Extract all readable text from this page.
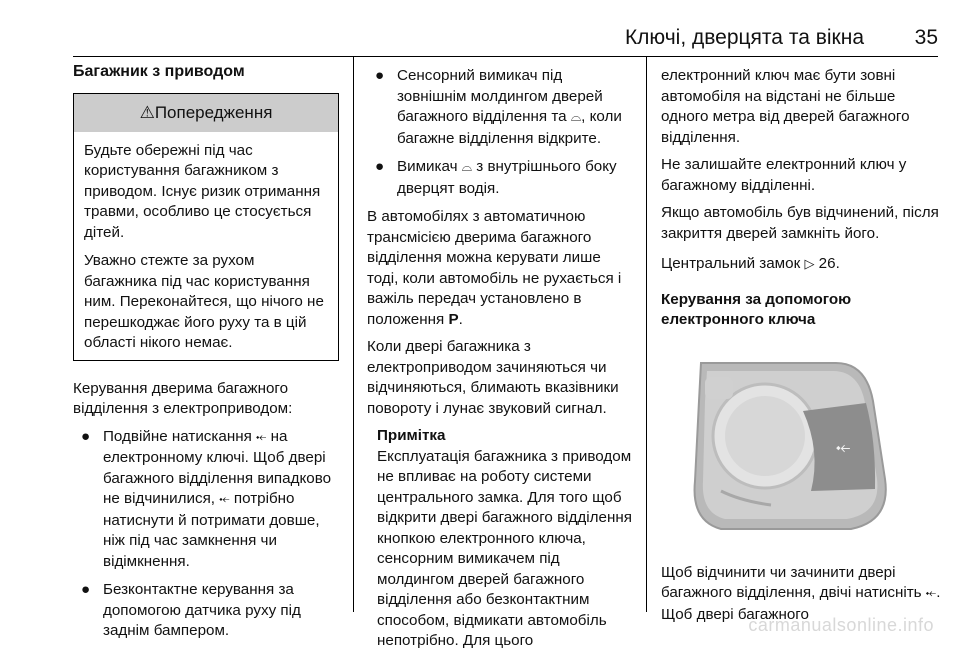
Ключі, дверцята та вікна 35
Багажник з приводом
⚠Попередження

Будьте обережні під час користування багажником з приводом. Існує ризик отримання травми, особливо це стосується дітей.

Уважно стежте за рухом багажника під час користування ним. Переконайтеся, що нічого не перешкоджає його руху та в цій області нікого немає.

Керування дверима багажного відділення з електроприводом:

● Подвійне натискання ⤝ на електронному ключі. Щоб двері багажного відділення випадково не відчинилися, ⤝ потрібно натиснути й потримати довше, ніж під час замкнення чи відімкнення.
● Безконтактне керування за допомогою датчика руху під заднім бампером.
● Сенсорний вимикач під зовнішнім молдингом дверей багажного відділення та ⌓, коли багажне відділення відкрите.
● Вимикач ⌓ з внутрішнього боку дверцят водія.

В автомобілях з автоматичною трансмісією дверима багажного відділення можна керувати лише тоді, коли автомобіль не рухається і важіль передач установлено в положення P.

Коли двері багажника з електроприводом зачиняються чи відчиняються, блимають вказівники повороту і лунає звуковий сигнал.

Примітка
Експлуатація багажника з приводом не впливає на роботу системи центрального замка. Для того щоб відкрити двері багажного відділення кнопкою електронного ключа, сенсорним вимикачем під молдингом дверей багажного відділення або безконтактним способом, відмикати автомобіль непотрібно. Для цього

електронний ключ має бути зовні автомобіля на відстані не більше одного метра від дверей багажного відділення.

Не залишайте електронний ключ у багажному відділенні.

Якщо автомобіль був відчинений, після закриття дверей замкніть його.

Центральний замок ▷ 26.

Керування за допомогою електронного ключа
⤝

Щоб відчинити чи зачинити двері багажного відділення, двічі натисніть ⤝. Щоб двері багажного

carmanualsonline.info
